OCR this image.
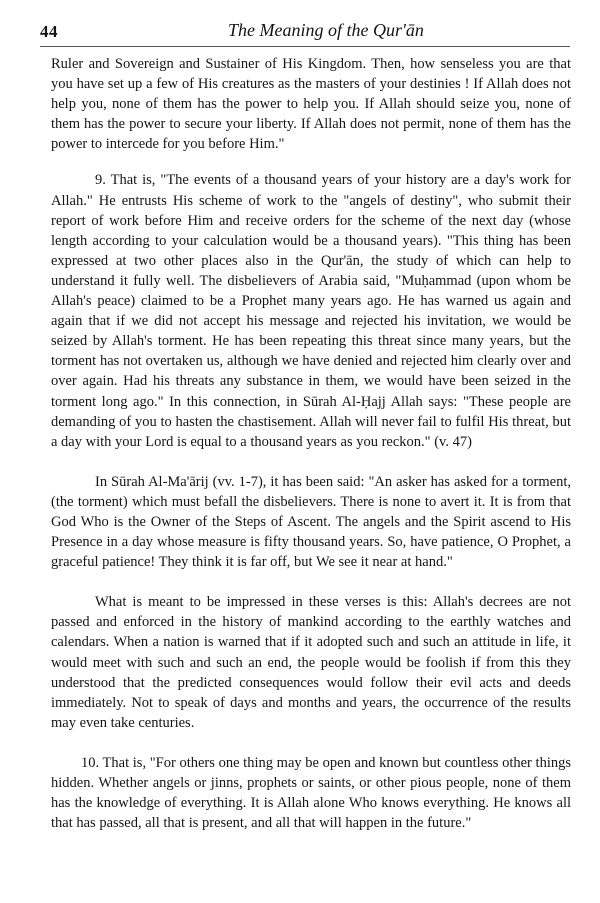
44	The Meaning of the Qur'ān

Ruler and Sovereign and Sustainer of His Kingdom. Then, how senseless you are that you have set up a few of His creatures as the masters of your destinies ! If Allah does not help you, none of them has the power to help you. If Allah should seize you, none of them has the power to secure your liberty. If Allah does not permit, none of them has the power to intercede for you before Him."

9. That is, "The events of a thousand years of your history are a day's work for Allah." He entrusts His scheme of work to the "angels of destiny", who submit their report of work before Him and receive orders for the scheme of the next day (whose length according to your calculation would be a thousand years). "This thing has been expressed at two other places also in the Qur'ān, the study of which can help to understand it fully well. The disbelievers of Arabia said, "Muḥammad (upon whom be Allah's peace) claimed to be a Prophet many years ago. He has warned us again and again that if we did not accept his message and rejected his invitation, we would be seized by Allah's torment. He has been repeating this threat since many years, but the torment has not overtaken us, although we have denied and rejected him clearly over and over again. Had his threats any substance in them, we would have been seized in the torment long ago." In this connection, in Sūrah Al-Ḥajj Allah says: "These people are demanding of you to hasten the chastisement. Allah will never fail to fulfil His threat, but a day with your Lord is equal to a thousand years as you reckon." (v. 47)

In Sūrah Al-Ma'ārij (vv. 1-7), it has been said: "An asker has asked for a torment, (the torment) which must befall the disbelievers. There is none to avert it. It is from that God Who is the Owner of the Steps of Ascent. The angels and the Spirit ascend to His Presence in a day whose measure is fifty thousand years. So, have patience, O Prophet, a graceful patience! They think it is far off, but We see it near at hand."

What is meant to be impressed in these verses is this: Allah's decrees are not passed and enforced in the history of mankind according to the earthly watches and calendars. When a nation is warned that if it adopted such and such an attitude in life, it would meet with such and such an end, the people would be foolish if from this they understood that the predicted consequences would follow their evil acts and deeds immediately. Not to speak of days and months and years, the occurrence of the results may even take centuries.

10. That is, "For others one thing may be open and known but countless other things hidden. Whether angels or jinns, prophets or saints, or other pious people, none of them has the knowledge of everything. It is Allah alone Who knows everything. He knows all that has passed, all that is present, and all that will happen in the future."
